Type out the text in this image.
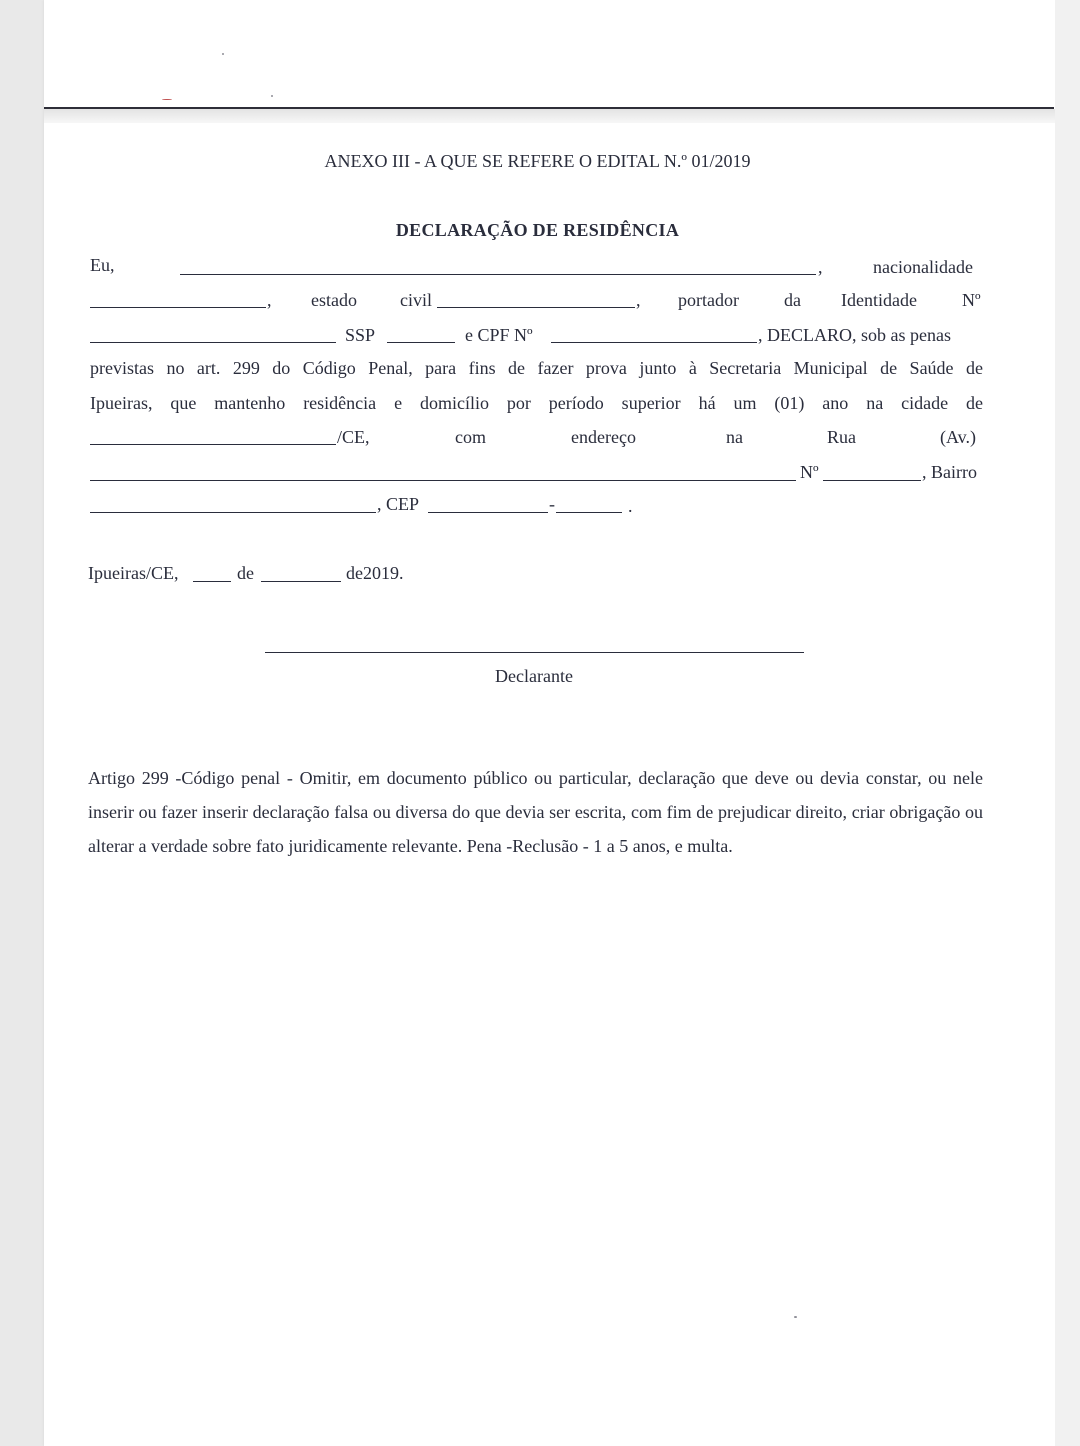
ANEXO III - A QUE SE REFERE O EDITAL N.º 01/2019
DECLARAÇÃO DE RESIDÊNCIA
Eu,	,	nacionalidade
, estado civil	, portador	da Identidade	Nº
SSP	e CPF Nº	, DECLARO, sob as penas
previstas no art. 299 do Código Penal, para fins de fazer prova junto à Secretaria Municipal de Saúde de
Ipueiras, que mantenho residência e domicílio por período superior há um (01) ano na cidade de
/CE,	com	endereço	na	Rua	(Av.)
Nº	, Bairro
, CEP	-	.
Ipueiras/CE,	de	de2019.
Declarante
Artigo 299 -Código penal - Omitir, em documento público ou particular, declaração que deve ou devia constar, ou nele inserir ou fazer inserir declaração falsa ou diversa do que devia ser escrita, com fim de prejudicar direito, criar obrigação ou alterar a verdade sobre fato juridicamente relevante. Pena -Reclusão - 1 a 5 anos, e multa.
